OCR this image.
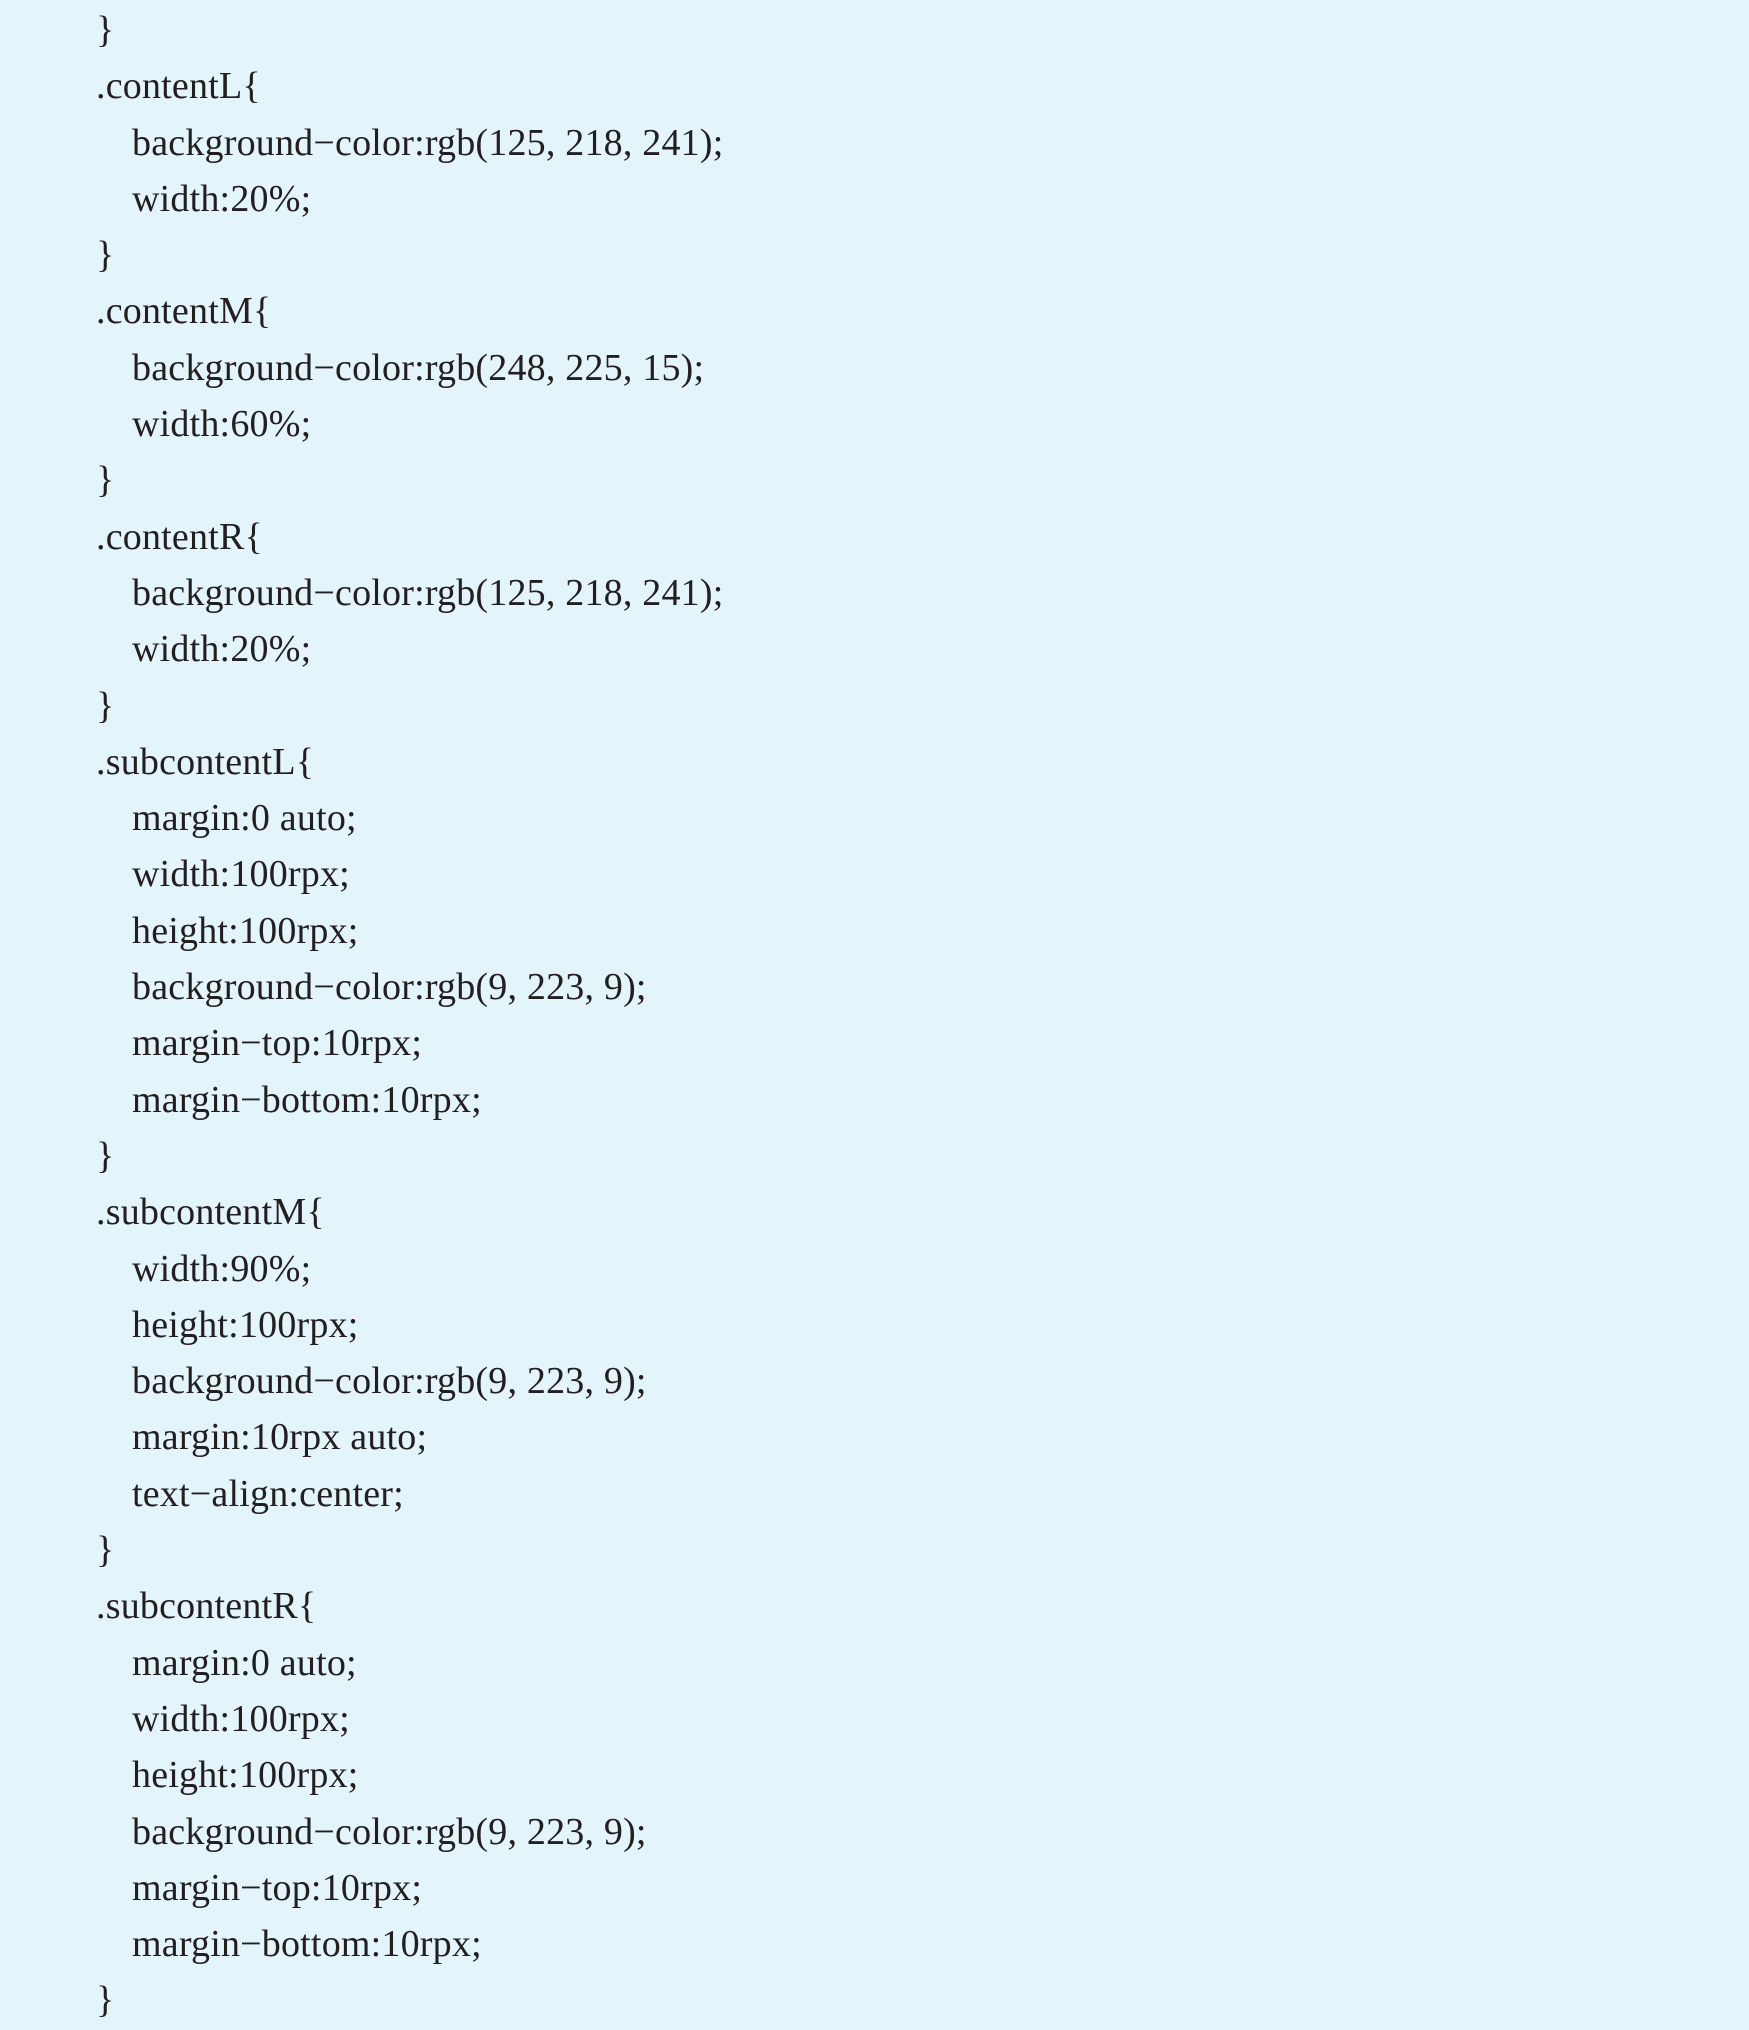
}
.contentL{
background−color:rgb(125, 218, 241);
width:20%;
}
.contentM{
background−color:rgb(248, 225, 15);
width:60%;
}
.contentR{
background−color:rgb(125, 218, 241);
width:20%;
}
.subcontentL{
margin:0 auto;
width:100rpx;
height:100rpx;
background−color:rgb(9, 223, 9);
margin−top:10rpx;
margin−bottom:10rpx;
}
.subcontentM{
width:90%;
height:100rpx;
background−color:rgb(9, 223, 9);
margin:10rpx auto;
text−align:center;
}
.subcontentR{
margin:0 auto;
width:100rpx;
height:100rpx;
background−color:rgb(9, 223, 9);
margin−top:10rpx;
margin−bottom:10rpx;
}
